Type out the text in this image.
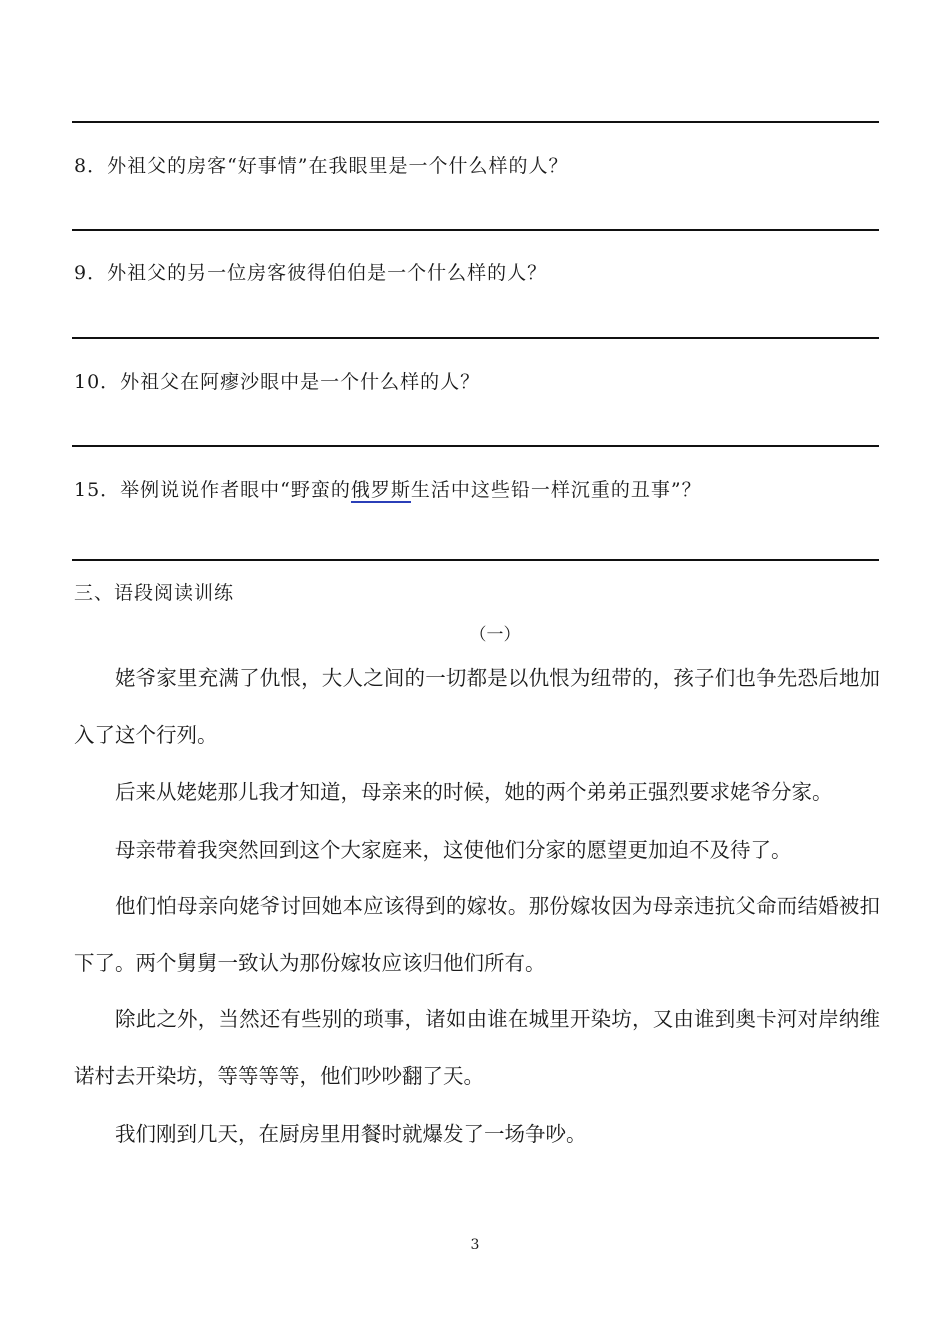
8．外祖父的房客“好事情”在我眼里是一个什么样的人？
9．外祖父的另一位房客彼得伯伯是一个什么样的人？
10．外祖父在阿瘳沙眼中是一个什么样的人？
15．举例说说作者眼中“野蛮的俄罗斯生活中这些铅一样沉重的丑事”？
三、语段阅读训练
（一）
姥爷家里充满了仇恨，大人之间的一切都是以仇恨为纽带的，孩子们也争先恐后地加入了这个行列。
后来从姥姥那儿我才知道，母亲来的时候，她的两个弟弟正强烈要求姥爷分家。
母亲带着我突然回到这个大家庭来，这使他们分家的愿望更加迫不及待了。
他们怕母亲向姥爷讨回她本应该得到的嫁妆。那份嫁妆因为母亲违抗父命而结婚被扣下了。两个舅舅一致认为那份嫁妆应该归他们所有。
除此之外，当然还有些别的琐事，诸如由谁在城里开染坊，又由谁到奥卡河对岸纳维诺村去开染坊，等等等等，他们吵吵翻了天。
我们刚到几天，在厨房里用餐时就爆发了一场争吵。
3
